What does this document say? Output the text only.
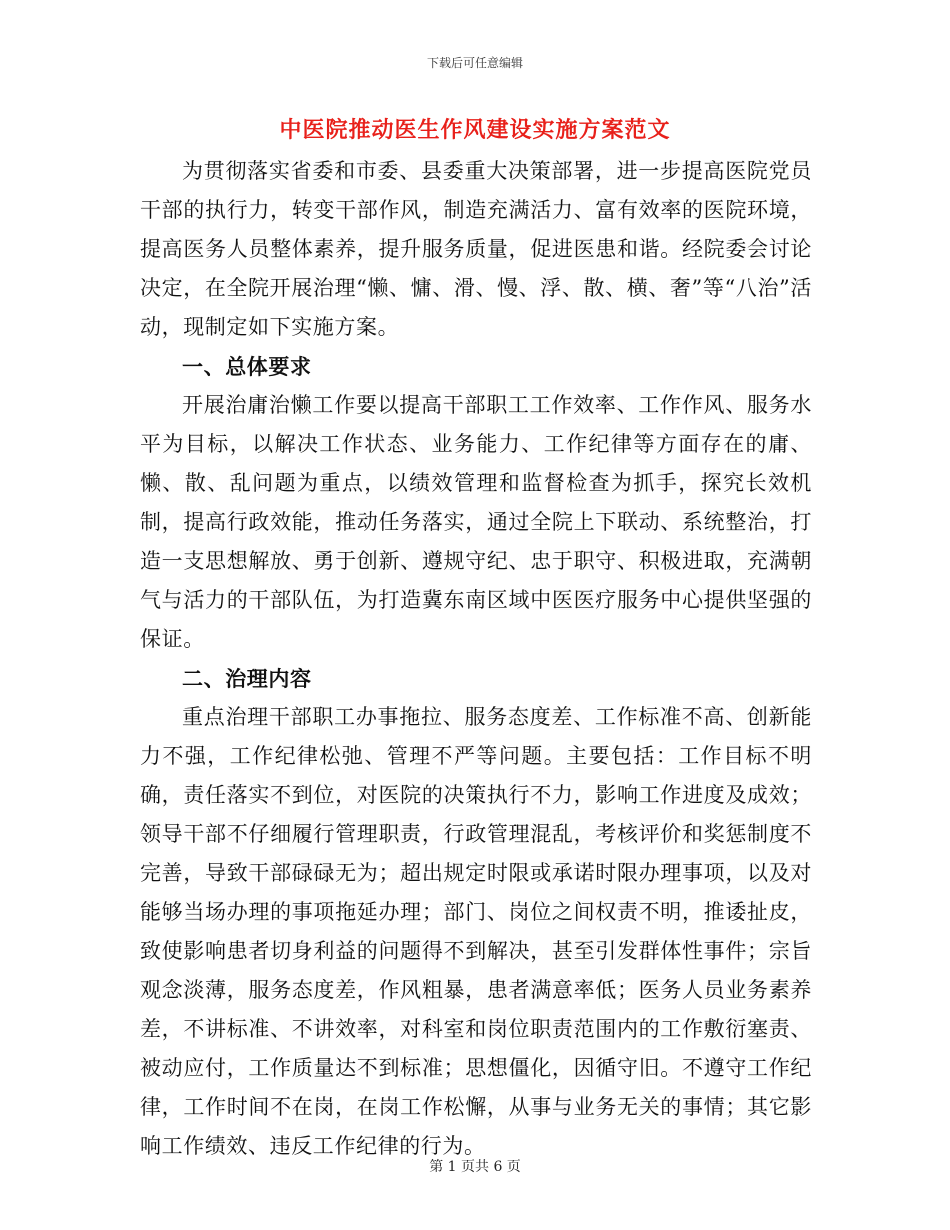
下载后可任意编辑
中医院推动医生作风建设实施方案范文

为贯彻落实省委和市委、县委重大决策部署，进一步提高医院党员干部的执行力，转变干部作风，制造充满活力、富有效率的医院环境，提高医务人员整体素养，提升服务质量，促进医患和谐。经院委会讨论决定，在全院开展治理“懒、慵、滑、慢、浮、散、横、奢”等“八治”活动，现制定如下实施方案。

一、总体要求

开展治庸治懒工作要以提高干部职工工作效率、工作作风、服务水平为目标，以解决工作状态、业务能力、工作纪律等方面存在的庸、懒、散、乱问题为重点，以绩效管理和监督检查为抓手，探究长效机制，提高行政效能，推动任务落实，通过全院上下联动、系统整治，打造一支思想解放、勇于创新、遵规守纪、忠于职守、积极进取，充满朝气与活力的干部队伍，为打造冀东南区域中医医疗服务中心提供坚强的保证。

二、治理内容

重点治理干部职工办事拖拉、服务态度差、工作标准不高、创新能力不强，工作纪律松弛、管理不严等问题。主要包括：工作目标不明确，责任落实不到位，对医院的决策执行不力，影响工作进度及成效；领导干部不仔细履行管理职责，行政管理混乱，考核评价和奖惩制度不完善，导致干部碌碌无为；超出规定时限或承诺时限办理事项，以及对能够当场办理的事项拖延办理；部门、岗位之间权责不明，推诿扯皮，致使影响患者切身利益的问题得不到解决，甚至引发群体性事件；宗旨观念淡薄，服务态度差，作风粗暴，患者满意率低；医务人员业务素养差，不讲标准、不讲效率，对科室和岗位职责范围内的工作敷衍塞责、被动应付，工作质量达不到标准；思想僵化，因循守旧。不遵守工作纪律，工作时间不在岗，在岗工作松懈，从事与业务无关的事情；其它影响工作绩效、违反工作纪律的行为。

第 1 页共 6 页
